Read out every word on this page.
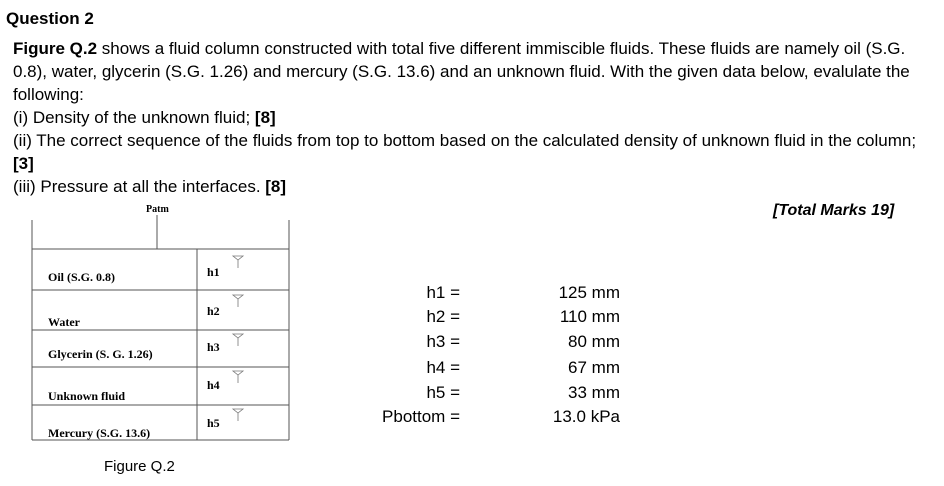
Question 2
Figure Q.2 shows a fluid column constructed with total five different immiscible fluids. These fluids are namely oil (S.G. 0.8), water, glycerin (S.G. 1.26) and mercury (S.G. 13.6) and an unknown fluid. With the given data below, evalulate the following:
(i) Density of the unknown fluid; [8]
(ii) The correct sequence of the fluids from top to bottom based on the calculated density of unknown fluid in the column; [3]
(iii) Pressure at all the interfaces. [8]
[Total Marks 19]
Patm
Oil (S.G. 0.8)
Water
Glycerin (S. G. 1.26)
Unknown fluid
Mercury (S.G. 13.6)
h1
h2
h3
h4
h5
Figure Q.2
h1 =	125 mm
h2 =	110 mm
h3 =	80 mm
h4 =	67 mm
h5 =	33 mm
Pbottom =	13.0 kPa
